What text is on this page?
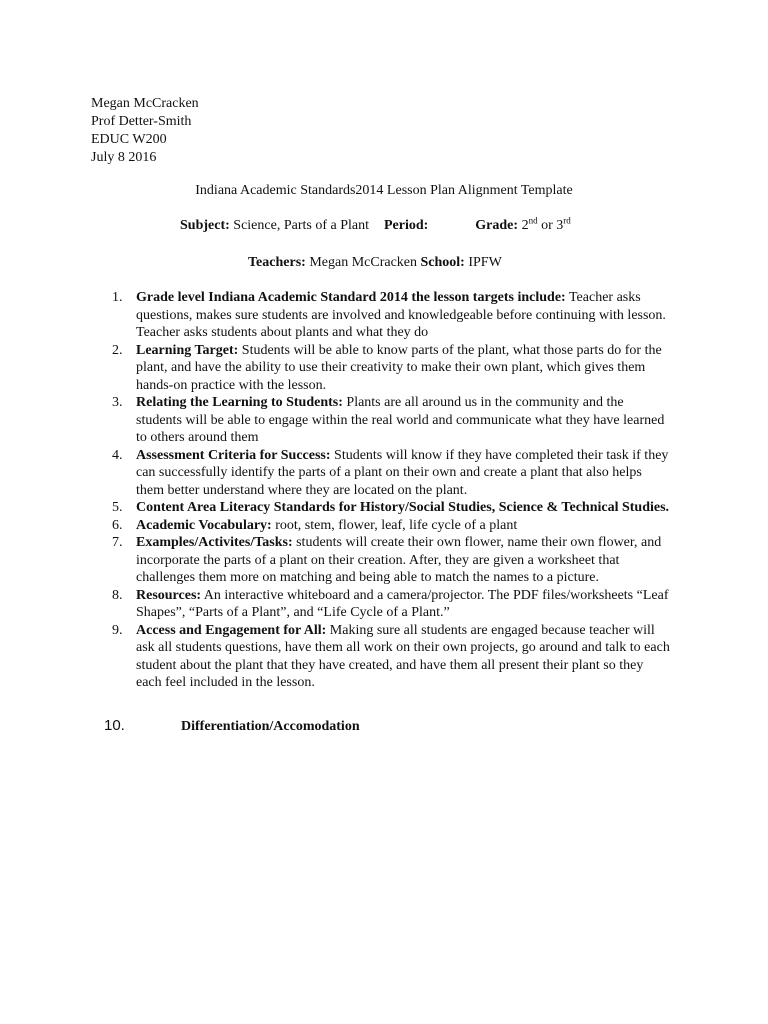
Megan McCracken
Prof Detter-Smith
EDUC W200
July 8 2016
Indiana Academic Standards2014 Lesson Plan Alignment Template
Subject: Science, Parts of a Plant Period:	Grade: 2nd or 3rd
Teachers: Megan McCracken School: IPFW
1. Grade level Indiana Academic Standard 2014 the lesson targets include: Teacher asks questions, makes sure students are involved and knowledgeable before continuing with lesson. Teacher asks students about plants and what they do
2. Learning Target: Students will be able to know parts of the plant, what those parts do for the plant, and have the ability to use their creativity to make their own plant, which gives them hands-on practice with the lesson.
3. Relating the Learning to Students: Plants are all around us in the community and the students will be able to engage within the real world and communicate what they have learned to others around them
4. Assessment Criteria for Success: Students will know if they have completed their task if they can successfully identify the parts of a plant on their own and create a plant that also helps them better understand where they are located on the plant.
5. Content Area Literacy Standards for History/Social Studies, Science & Technical Studies.
6. Academic Vocabulary: root, stem, flower, leaf, life cycle of a plant
7. Examples/Activites/Tasks: students will create their own flower, name their own flower, and incorporate the parts of a plant on their creation. After, they are given a worksheet that challenges them more on matching and being able to match the names to a picture.
8. Resources: An interactive whiteboard and a camera/projector. The PDF files/worksheets “Leaf Shapes”, “Parts of a Plant”, and “Life Cycle of a Plant.”
9. Access and Engagement for All: Making sure all students are engaged because teacher will ask all students questions, have them all work on their own projects, go around and talk to each student about the plant that they have created, and have them all present their plant so they each feel included in the lesson.
10.	Differentiation/Accomodation
